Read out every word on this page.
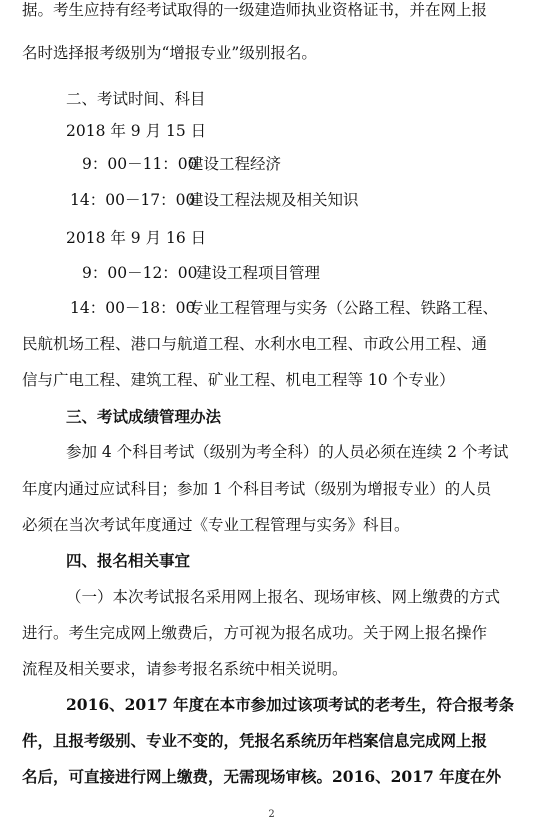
据。考生应持有经考试取得的一级建造师执业资格证书，并在网上报
名时选择报考级别为“增报专业”级别报名。
二、考试时间、科目
2018 年 9 月 15 日
9：00－11：00
建设工程经济
14：00－17：00
建设工程法规及相关知识
2018 年 9 月 16 日
9：00－12：00
建设工程项目管理
14：00－18：00
专业工程管理与实务（公路工程、铁路工程、
民航机场工程、港口与航道工程、水利水电工程、市政公用工程、通
信与广电工程、建筑工程、矿业工程、机电工程等 10 个专业）
三、考试成绩管理办法
参加 4 个科目考试（级别为考全科）的人员必须在连续 2 个考试
年度内通过应试科目；参加 1 个科目考试（级别为增报专业）的人员
必须在当次考试年度通过《专业工程管理与实务》科目。
四、报名相关事宜
（一）本次考试报名采用网上报名、现场审核、网上缴费的方式
进行。考生完成网上缴费后，方可视为报名成功。关于网上报名操作
流程及相关要求，请参考报名系统中相关说明。
2016、2017 年度在本市参加过该项考试的老考生，符合报考条
件，且报考级别、专业不变的，凭报名系统历年档案信息完成网上报
名后，可直接进行网上缴费，无需现场审核。2016、2017 年度在外
2
